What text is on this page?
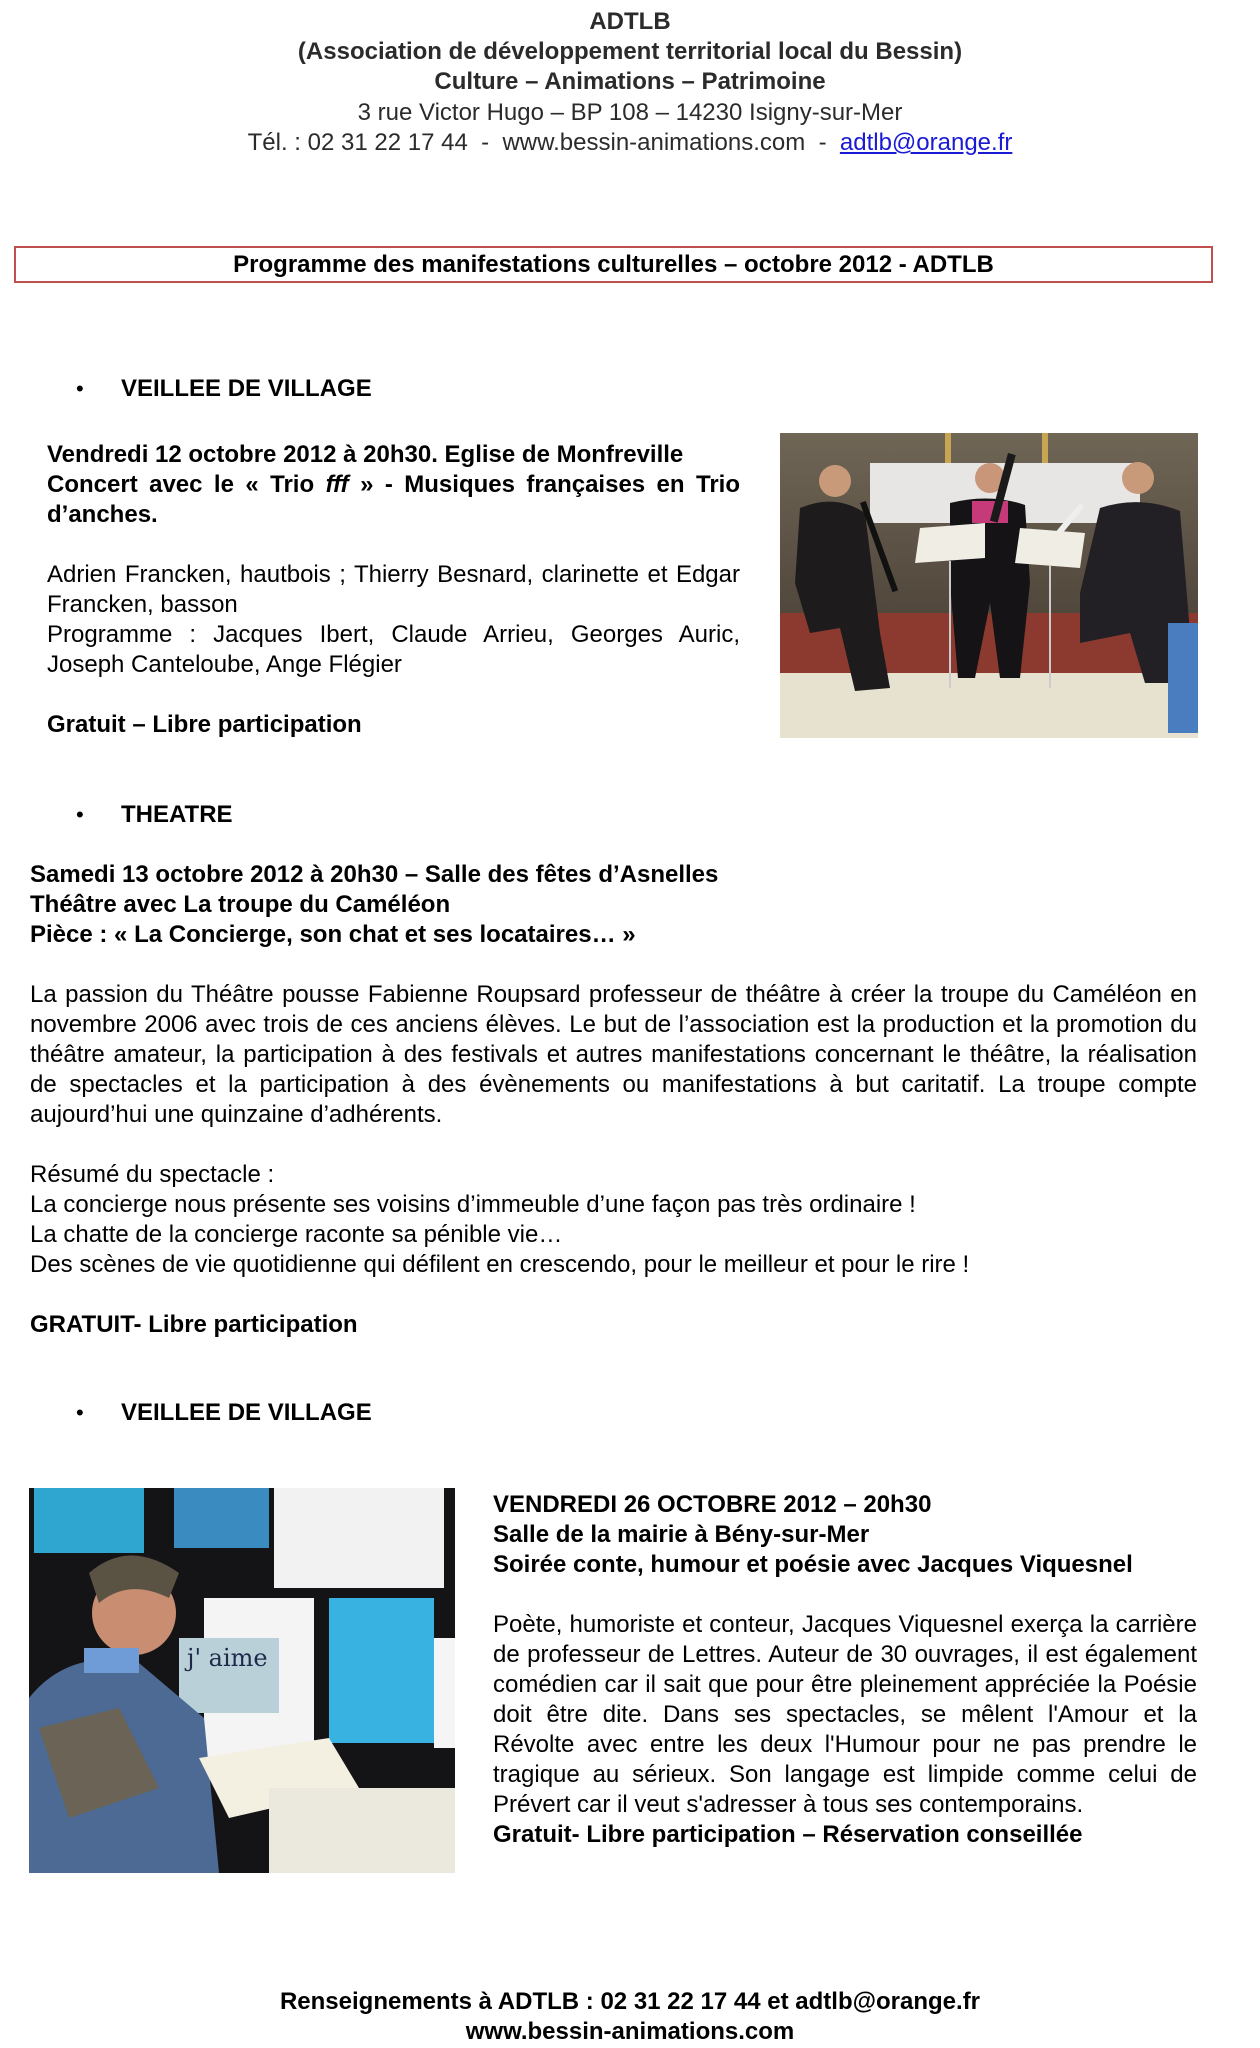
ADTLB
(Association de développement territorial local du Bessin)
Culture – Animations – Patrimoine
3 rue Victor Hugo – BP 108 – 14230 Isigny-sur-Mer
Tél. : 02 31 22 17 44  -  www.bessin-animations.com  -  adtlb@orange.fr
Programme des manifestations culturelles – octobre 2012 - ADTLB
• VEILLEE DE VILLAGE
Vendredi 12 octobre 2012 à 20h30. Eglise de Monfreville
Concert avec le « Trio fff » - Musiques françaises en Trio d’anches.
Adrien Francken, hautbois ; Thierry Besnard, clarinette et Edgar Francken, basson
Programme : Jacques Ibert, Claude Arrieu, Georges Auric, Joseph Canteloube, Ange Flégier
Gratuit – Libre participation
• THEATRE
Samedi 13 octobre 2012 à 20h30 – Salle des fêtes d’Asnelles
Théâtre avec La troupe du Caméléon
Pièce : « La Concierge, son chat et ses locataires… »
La passion du Théâtre pousse Fabienne Roupsard professeur de théâtre à créer la troupe du Caméléon en novembre 2006 avec trois de ces anciens élèves. Le but de l’association est la production et la promotion du théâtre amateur, la participation à des festivals et autres manifestations concernant le théâtre, la réalisation de spectacles et la participation à des évènements ou manifestations à but caritatif. La troupe compte aujourd’hui une quinzaine d’adhérents.
Résumé du spectacle :
La concierge nous présente ses voisins d’immeuble d’une façon pas très ordinaire !
La chatte de la concierge raconte sa pénible vie…
Des scènes de vie quotidienne qui défilent en crescendo, pour le meilleur et pour le rire !
GRATUIT- Libre participation
• VEILLEE DE VILLAGE
j' aime
VENDREDI 26 OCTOBRE 2012 – 20h30
Salle de la mairie à Bény-sur-Mer
Soirée conte, humour et poésie avec Jacques Viquesnel
Poète, humoriste et conteur, Jacques Viquesnel exerça la carrière de professeur de Lettres. Auteur de 30 ouvrages, il est également comédien car il sait que pour être pleinement appréciée la Poésie doit être dite. Dans ses spectacles, se mêlent l'Amour et la Révolte avec entre les deux l'Humour pour ne pas prendre le tragique au sérieux. Son langage est limpide comme celui de Prévert car il veut s'adresser à tous ses contemporains.
Gratuit- Libre participation – Réservation conseillée
Renseignements à ADTLB : 02 31 22 17 44 et adtlb@orange.fr
www.bessin-animations.com
